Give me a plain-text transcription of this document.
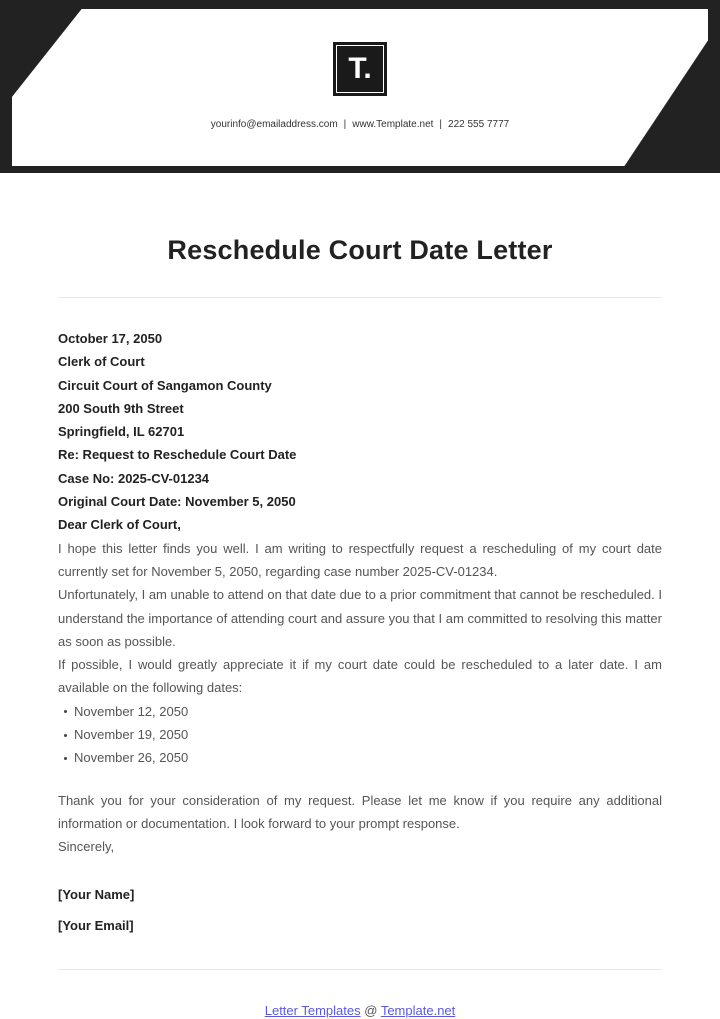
T.
yourinfo@emailaddress.com | www.Template.net | 222 555 7777
Reschedule Court Date Letter
October 17, 2050
Clerk of Court
Circuit Court of Sangamon County
200 South 9th Street
Springfield, IL 62701
Re: Request to Reschedule Court Date
Case No: 2025-CV-01234
Original Court Date: November 5, 2050
Dear Clerk of Court,

I hope this letter finds you well. I am writing to respectfully request a rescheduling of my court date currently set for November 5, 2050, regarding case number 2025-CV-01234.

Unfortunately, I am unable to attend on that date due to a prior commitment that cannot be rescheduled. I understand the importance of attending court and assure you that I am committed to resolving this matter as soon as possible.

If possible, I would greatly appreciate it if my court date could be rescheduled to a later date. I am available on the following dates:

November 12, 2050
November 19, 2050
November 26, 2050

Thank you for your consideration of my request. Please let me know if you require any additional information or documentation. I look forward to your prompt response.

Sincerely,
[Your Name]
[Your Email]
Letter Templates @ Template.net
